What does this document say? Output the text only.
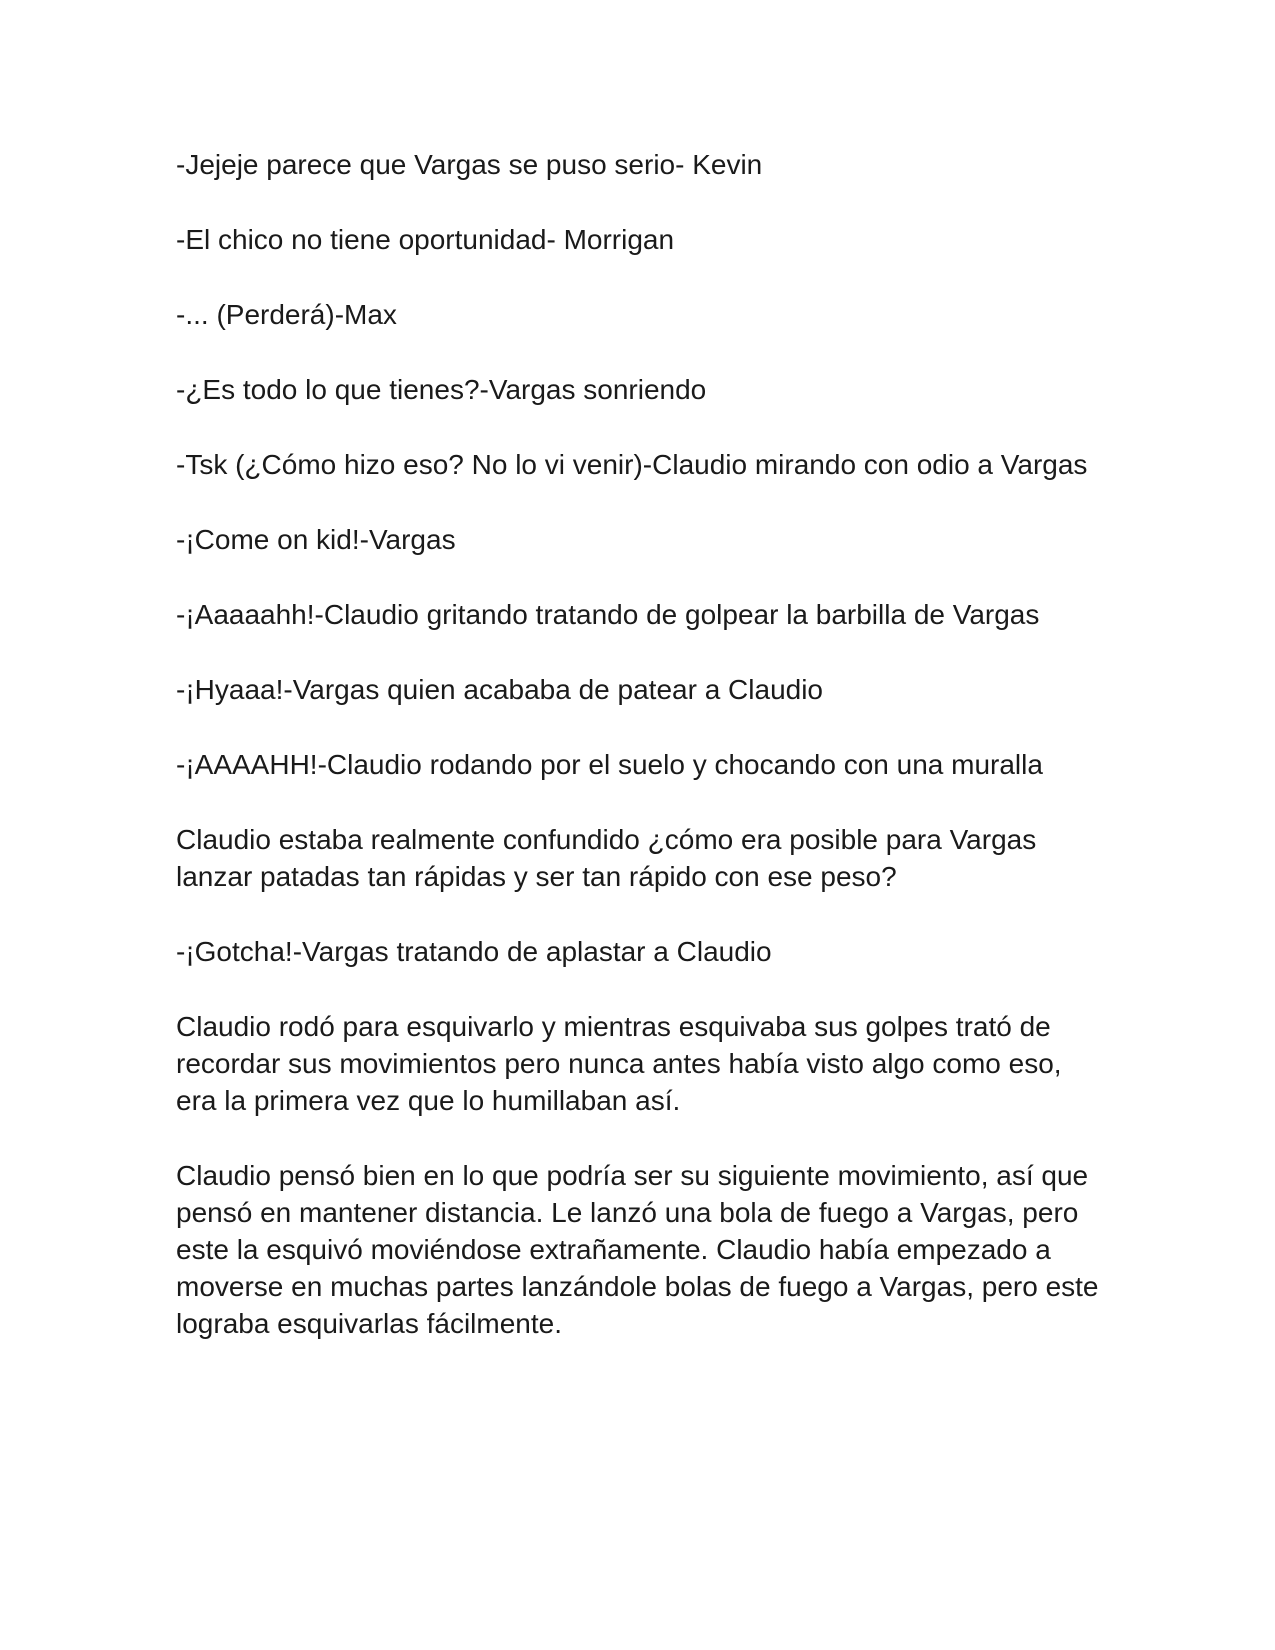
-Jejeje parece que Vargas se puso serio- Kevin

-El chico no tiene oportunidad- Morrigan

-... (Perderá)-Max

-¿Es todo lo que tienes?-Vargas sonriendo

-Tsk (¿Cómo hizo eso? No lo vi venir)-Claudio mirando con odio a Vargas

-¡Come on kid!-Vargas

-¡Aaaaahh!-Claudio gritando tratando de golpear la barbilla de Vargas

-¡Hyaaa!-Vargas quien acababa de patear a Claudio

-¡AAAAHH!-Claudio rodando por el suelo y chocando con una muralla

Claudio estaba realmente confundido ¿cómo era posible para Vargas lanzar patadas tan rápidas y ser tan rápido con ese peso?

-¡Gotcha!-Vargas tratando de aplastar a Claudio

Claudio rodó para esquivarlo y mientras esquivaba sus golpes trató de recordar sus movimientos pero nunca antes había visto algo como eso, era la primera vez que lo humillaban así.

Claudio pensó bien en lo que podría ser su siguiente movimiento, así que pensó en mantener distancia. Le lanzó una bola de fuego a Vargas, pero este la esquivó moviéndose extrañamente. Claudio había empezado a moverse en muchas partes lanzándole bolas de fuego a Vargas, pero este lograba esquivarlas fácilmente.
